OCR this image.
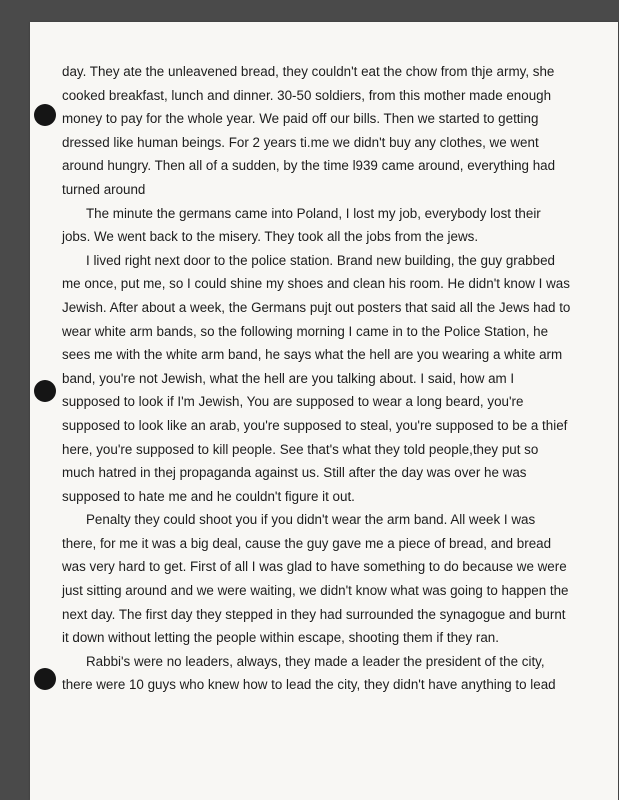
day. They ate the unleavened bread, they couldn't eat the chow from thje army, she
cooked breakfast, lunch and dinner. 30-50 soldiers, from this mother made enough
money to pay for the whole year. We paid off our bills. Then we started to getting
dressed like human beings. For 2 years ti.me we didn't buy any clothes, we went
around hungry. Then all of a sudden, by the time l939 came around, everything had
turned around

The minute the germans came into Poland, I lost my job, everybody lost their
jobs. We went back to the misery. They took all the jobs from the jews.

I lived right next door to the police station. Brand new building, the guy grabbed
me once, put me, so I could shine my shoes and clean his room. He didn't know I was
Jewish. After about a week, the Germans pujt out posters that said all the Jews had to
wear white arm bands, so the following morning I came in to the Police Station, he
sees me with the white arm band, he says what the hell are you wearing a white arm
band, you're not Jewish, what the hell are you talking about. I said, how am I
supposed to look if I'm Jewish, You are supposed to wear a long beard, you're
supposed to look like an arab, you're supposed to steal, you're supposed to be a thief
here, you're supposed to kill people. See that's what they told people,they put so
much hatred in thej propaganda against us. Still after the day was over he was
supposed to hate me and he couldn't figure it out.

Penalty they could shoot you if you didn't wear the arm band. All week I was
there, for me it was a big deal, cause the guy gave me a piece of bread, and bread
was very hard to get. First of all I was glad to have something to do because we were
just sitting around and we were waiting, we didn't know what was going to happen the
next day. The first day they stepped in they had surrounded the synagogue and burnt
it down without letting the people within escape, shooting them if they ran.

Rabbi's were no leaders, always, they made a leader the president of the city,
there were 10 guys who knew how to lead the city, they didn't have anything to lead
